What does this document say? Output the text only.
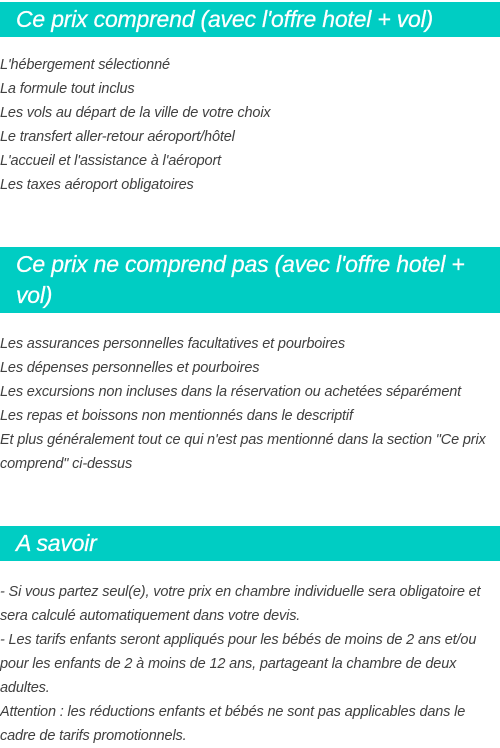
Ce prix comprend (avec l'offre hotel + vol)
L'hébergement sélectionné
La formule tout inclus
Les vols au départ de la ville de votre choix
Le transfert aller-retour aéroport/hôtel
L'accueil et l'assistance à l'aéroport
Les taxes aéroport obligatoires
Ce prix ne comprend pas (avec l'offre hotel + vol)
Les assurances personnelles facultatives et pourboires
Les dépenses personnelles et pourboires
Les excursions non incluses dans la réservation ou achetées séparément
Les repas et boissons non mentionnés dans le descriptif
Et plus généralement tout ce qui n'est pas mentionné dans la section "Ce prix comprend" ci-dessus
A savoir

- Si vous partez seul(e), votre prix en chambre individuelle sera obligatoire et sera calculé automatiquement dans votre devis.

- Les tarifs enfants seront appliqués pour les bébés de moins de 2 ans et/ou pour les enfants de 2 à moins de 12 ans, partageant la chambre de deux adultes.

Attention : les réductions enfants et bébés ne sont pas applicables dans le cadre de tarifs promotionnels.
